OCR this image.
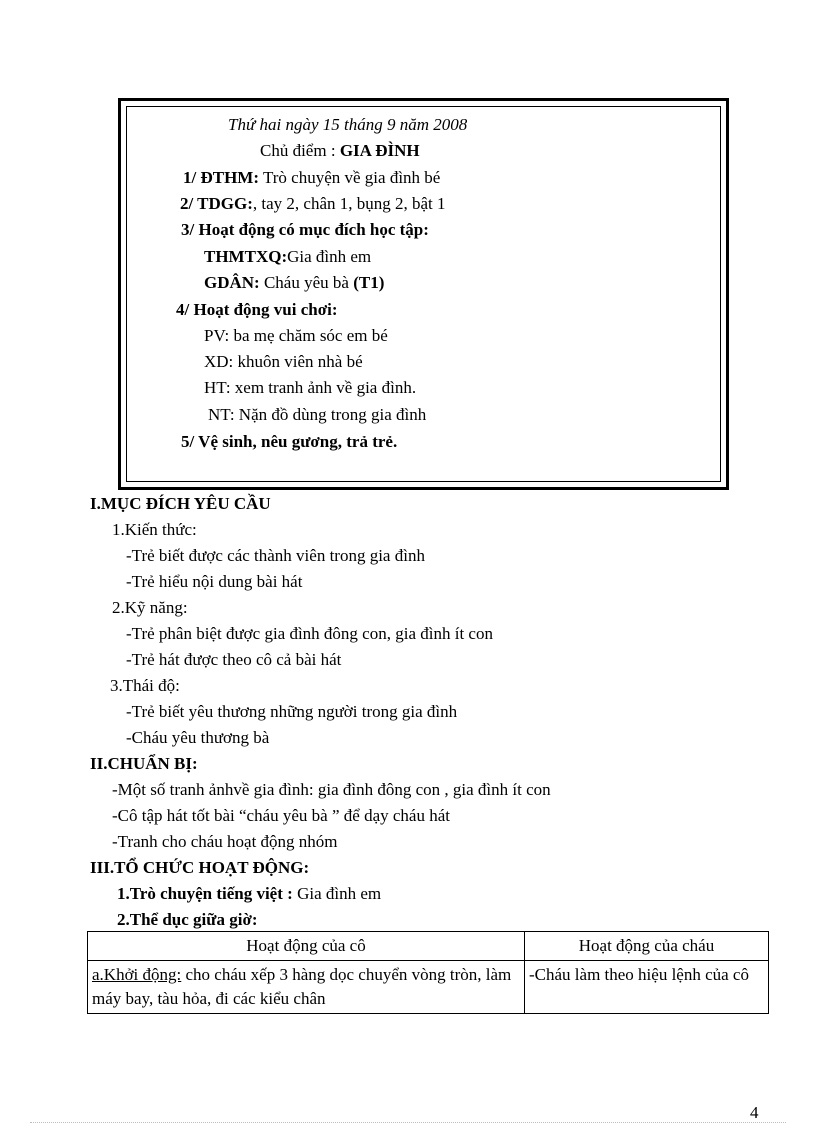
Thứ hai ngày 15 tháng 9 năm 2008
Chủ điểm : GIA ĐÌNH
1/ ĐTHM: Trò chuyện về gia đình bé
2/ TDGG:, tay 2, chân 1, bụng 2, bật 1
3/ Hoạt động có mục đích học tập:
THMTXQ:Gia đình em
GDÂN: Cháu yêu bà (T1)
4/ Hoạt động vui chơi:
PV: ba mẹ chăm sóc em bé
XD: khuôn viên nhà bé
HT: xem tranh ảnh về gia đình.
NT: Nặn đồ dùng trong gia đình
5/ Vệ sinh, nêu gương, trả trẻ.
I.MỤC ĐÍCH YÊU CẦU
1.Kiến thức:
-Trẻ biết được các thành viên trong gia đình
-Trẻ hiểu nội dung bài hát
2.Kỹ năng:
-Trẻ phân biệt được gia đình đông con, gia đình ít con
-Trẻ hát được theo cô cả bài hát
3.Thái độ:
-Trẻ biết yêu thương những người trong gia đình
-Cháu yêu thương bà
II.CHUẨN BỊ:
-Một số tranh ảnhvề gia đình: gia đình đông con , gia đình ít con
-Cô tập hát tốt bài “cháu yêu bà ” để dạy cháu hát
-Tranh cho cháu hoạt động nhóm
III.TỔ CHỨC HOẠT ĐỘNG:
1.Trò chuyện tiếng việt : Gia đình em
2.Thể dục giữa giờ:
Hoạt động của cô	Hoạt động của cháu
a.Khởi động: cho cháu xếp 3 hàng dọc chuyển vòng tròn, làm máy bay, tàu hỏa, đi các kiểu chân	-Cháu làm theo hiệu lệnh của cô
4
